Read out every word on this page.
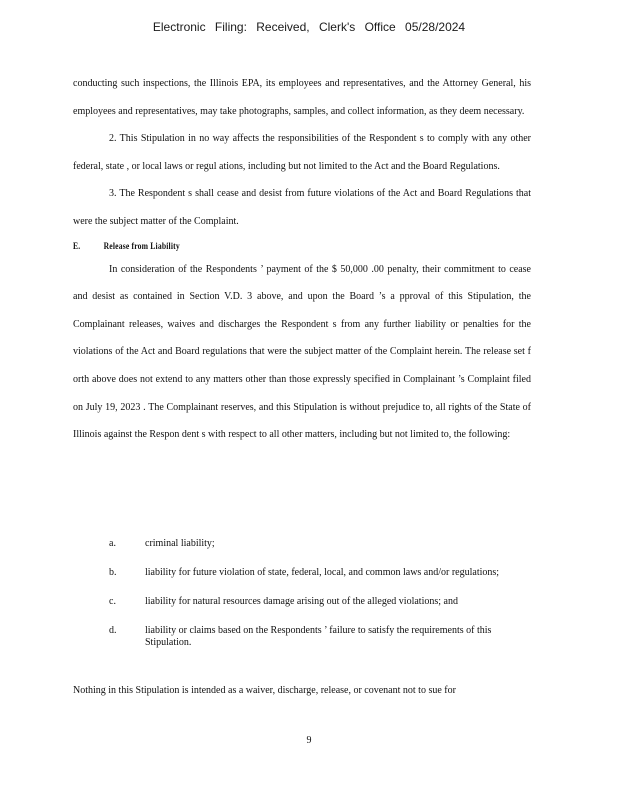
Electronic Filing: Received, Clerk's Office 05/28/2024

conducting such inspections, the Illinois EPA, its employees and representatives, and the Attorney General, his employees and representatives, may take photographs, samples, and collect information, as they deem necessary.

2. This Stipulation in no way affects the responsibilities of the Respondent s to comply with any other federal, state , or local laws or regul ations, including but not limited to the Act and the Board Regulations.

3. The Respondent s shall cease and desist from future violations of the Act and Board Regulations that were the subject matter of the Complaint.

E.	Release from Liability

In consideration of the Respondents ’ payment of the $ 50,000 .00 penalty, their commitment to cease and desist as contained in Section V.D. 3 above, and upon the Board ’s a pproval of this Stipulation, the Complainant releases, waives and discharges the Respondent s from any further liability or penalties for the violations of the Act and Board regulations that were the subject matter of the Complaint herein. The release set f orth above does not extend to any matters other than those expressly specified in Complainant ’s Complaint filed on July 19, 2023 . The Complainant reserves, and this Stipulation is without prejudice to, all rights of the State of Illinois against the Respon dent s with respect to all other matters, including but not limited to, the following:

a.	criminal liability;
b.	liability for future violation of state, federal, local, and common laws and/or regulations;
c.	liability for natural resources damage arising out of the alleged violations; and
d.	liability or claims based on the Respondents ’ failure to satisfy the requirements of this Stipulation.
Nothing in this Stipulation is intended as a waiver, discharge, release, or covenant not to sue for
9
